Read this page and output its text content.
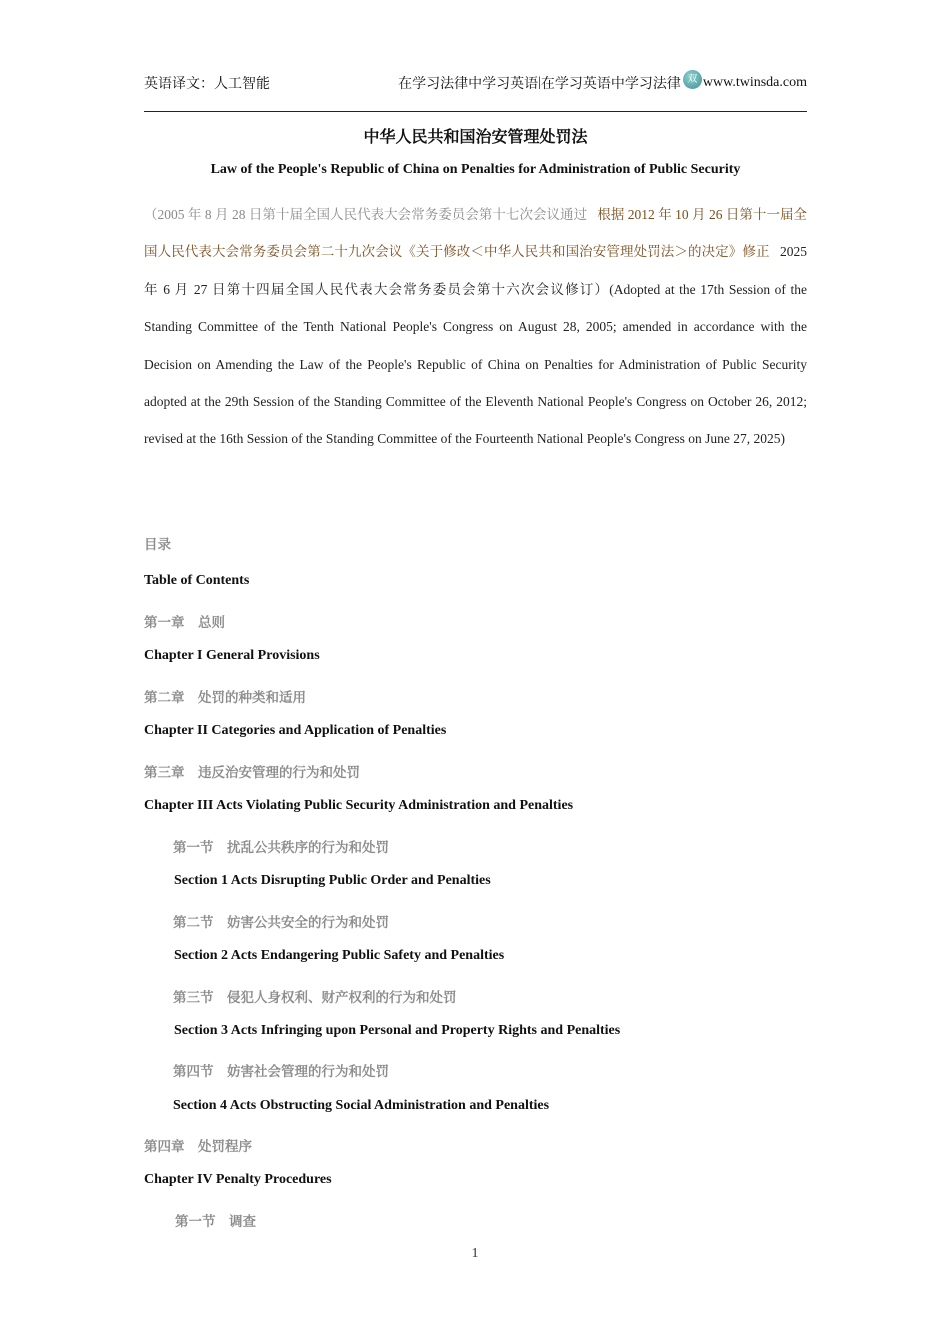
英语译文：人工智能	在学习法律中学习英语 | 在学习英语中学习法律 双 www.twinsda.com
中华人民共和国治安管理处罚法
Law of the People's Republic of China on Penalties for Administration of Public Security
（2005 年 8 月 28 日第十届全国人民代表大会常务委员会第十七次会议通过 根据 2012 年 10 月 26 日第十一届全国人民代表大会常务委员会第二十九次会议《关于修改＜中华人民共和国治安管理处罚法＞的决定》修正 2025 年 6 月 27 日第十四届全国人民代表大会常务委员会第十六次会议修订）(Adopted at the 17th Session of the Standing Committee of the Tenth National People's Congress on August 28, 2005; amended in accordance with the Decision on Amending the Law of the People's Republic of China on Penalties for Administration of Public Security adopted at the 29th Session of the Standing Committee of the Eleventh National People's Congress on October 26, 2012; revised at the 16th Session of the Standing Committee of the Fourteenth National People's Congress on June 27, 2025)
目录
Table of Contents
第一章　总则
Chapter I General Provisions
第二章　处罚的种类和适用
Chapter II Categories and Application of Penalties
第三章　违反治安管理的行为和处罚
Chapter III Acts Violating Public Security Administration and Penalties
第一节　扰乱公共秩序的行为和处罚
Section 1 Acts Disrupting Public Order and Penalties
第二节　妨害公共安全的行为和处罚
Section 2 Acts Endangering Public Safety and Penalties
第三节　侵犯人身权利、财产权利的行为和处罚
Section 3 Acts Infringing upon Personal and Property Rights and Penalties
第四节　妨害社会管理的行为和处罚
Section 4 Acts Obstructing Social Administration and Penalties
第四章　处罚程序
Chapter IV Penalty Procedures
第一节　调查
1
